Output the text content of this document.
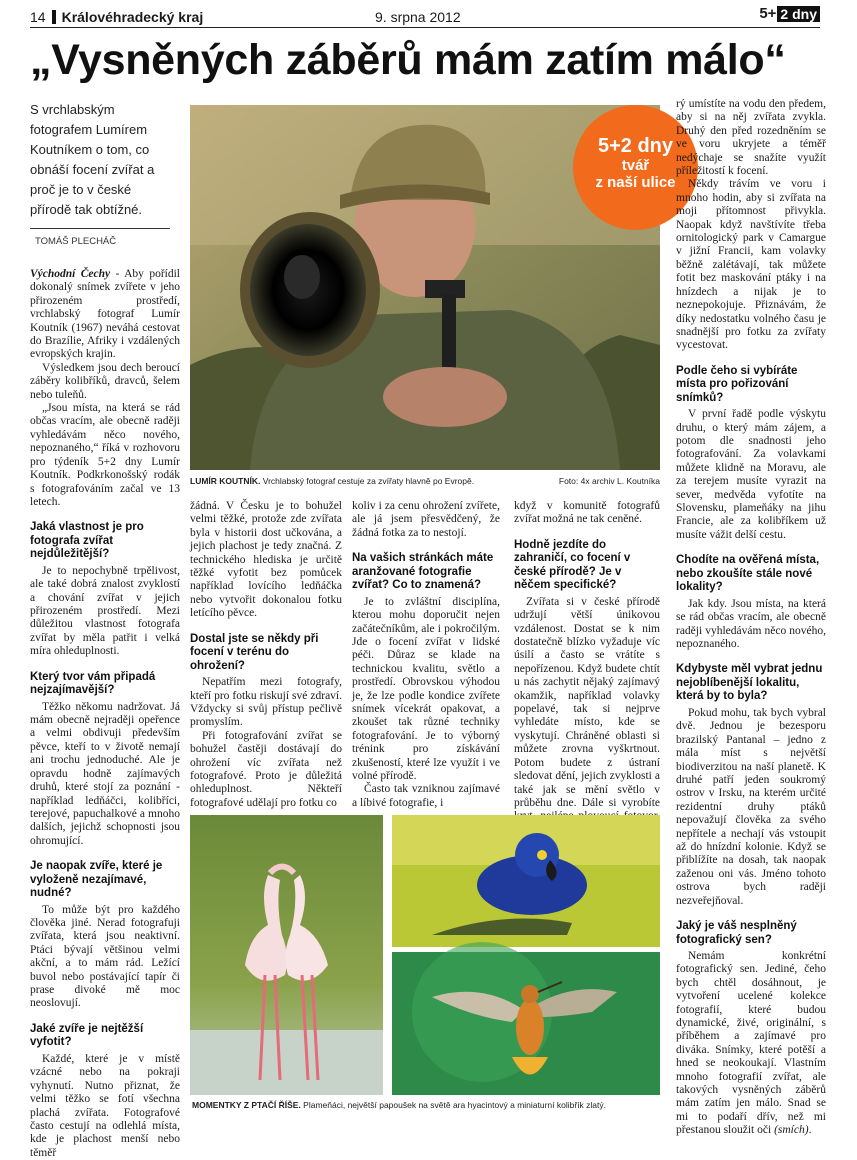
14 Královéhradecký kraj	9. srpna 2012	5+ 2 dny
„Vysněných záběrů mám zatím málo“
S vrchlabským fotografem Lumírem Koutníkem o tom, co obnáší focení zvířat a proč je to v české přírodě tak obtížné.
TOMÁŠ PLECHÁČ
5+2 dny
tvář
z naší ulice
LUMÍR KOUTNÍK. Vrchlabský fotograf cestuje za zvířaty hlavně po Evropě.	Foto: 4x archiv L. Koutníka

Východní Čechy - Aby pořídil dokonalý snímek zvířete v jeho přirozeném prostředí, vrchlabský fotograf Lumír Koutník (1967) neváhá cestovat do Brazílie, Afriky i vzdálených evropských krajin.

Výsledkem jsou dech beroucí záběry kolibříků, dravců, šelem nebo tuleňů.

„Jsou místa, na která se rád občas vracím, ale obecně raději vyhledávám něco nového, nepoznaného,“ říká v rozhovoru pro týdeník 5+2 dny Lumír Koutník. Podkrkonošský rodák s fotografováním začal ve 13 letech.

Jaká vlastnost je pro fotografa zvířat nejdůležitější?

Je to nepochybně trpělivost, ale také dobrá znalost zvyklostí a chování zvířat v jejich přirozeném prostředí. Mezi důležitou vlastnost fotografa zvířat by měla patřit i velká míra ohleduplnosti.

Který tvor vám připadá nejzajímavější?

Těžko někomu nadržovat. Já mám obecně nejraději opeřence a velmi obdivuji především pěvce, kteří to v životě nemají ani trochu jednoduché. Ale je opravdu hodně zajímavých druhů, které stojí za poznání - například ledňáčci, kolibříci, terejové, papuchalkové a mnoho dalších, jejichž schopnosti jsou ohromující.

Je naopak zvíře, které je vyloženě nezajímavé, nudné?

To může být pro každého člověka jiné. Nerad fotografuji zvířata, která jsou neaktivní. Ptáci bývají většinou velmi akční, a to mám rád. Ležící buvol nebo postávající tapír či prase divoké mě moc neoslovují.

Jaké zvíře je nejtěžší vyfotit?

Každé, které je v místě vzácné nebo na pokraji vyhynutí. Nutno přiznat, že velmi těžko se fotí všechna plachá zvířata. Fotografové často cestují na odlehlá místa, kde je plachost menší nebo těměř

žádná. V Česku je to bohužel velmi těžké, protože zde zvířata byla v historii dost učkována, a jejich plachost je tedy značná. Z technického hlediska je určitě těžké vyfotit bez pomůcek například lovícího ledňáčka nebo vytvořit dokonalou fotku letícího pěvce.

Dostal jste se někdy při focení v terénu do ohrožení?

Nepatřím mezi fotografy, kteří pro fotku riskují své zdraví. Vždycky si svůj přístup pečlivě promyslím.

Při fotografování zvířat se bohužel častěji dostávají do ohrožení víc zvířata než fotografové. Proto je důležitá ohleduplnost. Někteří fotografové udělají pro fotku co

koliv i za cenu ohrožení zvířete, ale já jsem přesvědčený, že žádná fotka za to nestojí.

Na vašich stránkách máte aranžované fotografie zvířat? Co to znamená?

Je to zvláštní disciplína, kterou mohu doporučit nejen začátečníkům, ale i pokročilým. Jde o focení zvířat v lidské péči. Důraz se klade na technickou kvalitu, světlo a prostředí. Obrovskou výhodou je, že lze podle kondice zvířete snímek vícekrát opakovat, a zkoušet tak různé techniky fotografování. Je to výborný trénink pro získávání zkušeností, které lze využít i ve volné přírodě.

Často tak vzniknou zajímavé a líbivé fotografie, i

když v komunitě fotografů zvířat možná ne tak ceněné.

Hodně jezdíte do zahraničí, co focení v české přírodě? Je v něčem specifické?

Zvířata si v české přírodě udržují větší únikovou vzdálenost. Dostat se k nim dostatečně blízko vyžaduje víc úsilí a často se vrátíte s nepořízenou. Když budete chtít u nás zachytit nějaký zajímavý okamžik, například volavky popelavé, tak si nejprve vyhledáte místo, kde se vyskytují. Chráněné oblasti si můžete zrovna vyškrtnout. Potom budete z ústraní sledovat dění, jejich zvyklosti a také jak se mění světlo v průběhu dne. Dále si vyrobíte

rý umístíte na vodu den předem, aby si na něj zvířata zvykla. Druhý den před rozedněním se ve voru ukryjete a téměř nedýchaje se snažíte využít příležitostí k focení.

Někdy trávím ve voru i mnoho hodin, aby si zvířata na moji přítomnost přivykla. Naopak když navštívíte třeba ornitologický park v Camargue v jižní Francii, kam volavky běžně zalétávají, tak můžete fotit bez maskování ptáky i na hnízdech a nijak je to neznepokojuje. Přiznávám, že díky nedostatku volného času je snadnější pro fotku za zvířaty vycestovat.

Podle čeho si vybíráte místa pro pořizování snímků?

V první řadě podle výskytu druhu, o který mám zájem, a potom dle snadnosti jeho fotografování. Za volavkami můžete klidně na Moravu, ale za terejem musíte vyrazit na sever, medvěda vyfotíte na Slovensku, plameňáky na jihu Francie, ale za kolibříkem už musíte vážit delší cestu.

Chodíte na ověřená místa, nebo zkoušíte stále nové lokality?

Jak kdy. Jsou místa, na která se rád občas vracím, ale obecně raději vyhledávám něco nového, nepoznaného.

Kdybyste měl vybrat jednu nejoblíbenější lokalitu, která by to byla?

Pokud mohu, tak bych vybral dvě. Jednou je bezesporu brazilský Pantanal – jedno z mála míst s největší biodiverzitou na naší planetě. K druhé patří jeden soukromý ostrov v Irsku, na kterém určité rezidentní druhy ptáků nepovažují člověka za svého nepřítele a nechají vás vstoupit až do hnízdní kolonie. Když se přiblížíte na dosah, tak naopak zaženou oni vás. Jméno tohoto ostrova bych raději nezveřejňoval.

Jaký je váš nesplněný fotografický sen?

Nemám konkrétní fotografický sen. Jediné, čeho bych chtěl dosáhnout, je vytvoření ucelené kolekce fotografií, které budou dynamické, živé, originální, s příběhem a zajímavé pro diváka. Snímky, které potěší a hned se neokoukají. Vlastním mnoho fotografií zvířat, ale takových vysněných záběrů mám zatím jen málo. Snad se mi to podaří dřív, než mi přestanou sloužit oči (smích).

MOMENTKY Z PTAČÍ ŘÍŠE. Plameňáci, největší papoušek na světě ara hyacintový a miniaturní kolibřík zlatý.
